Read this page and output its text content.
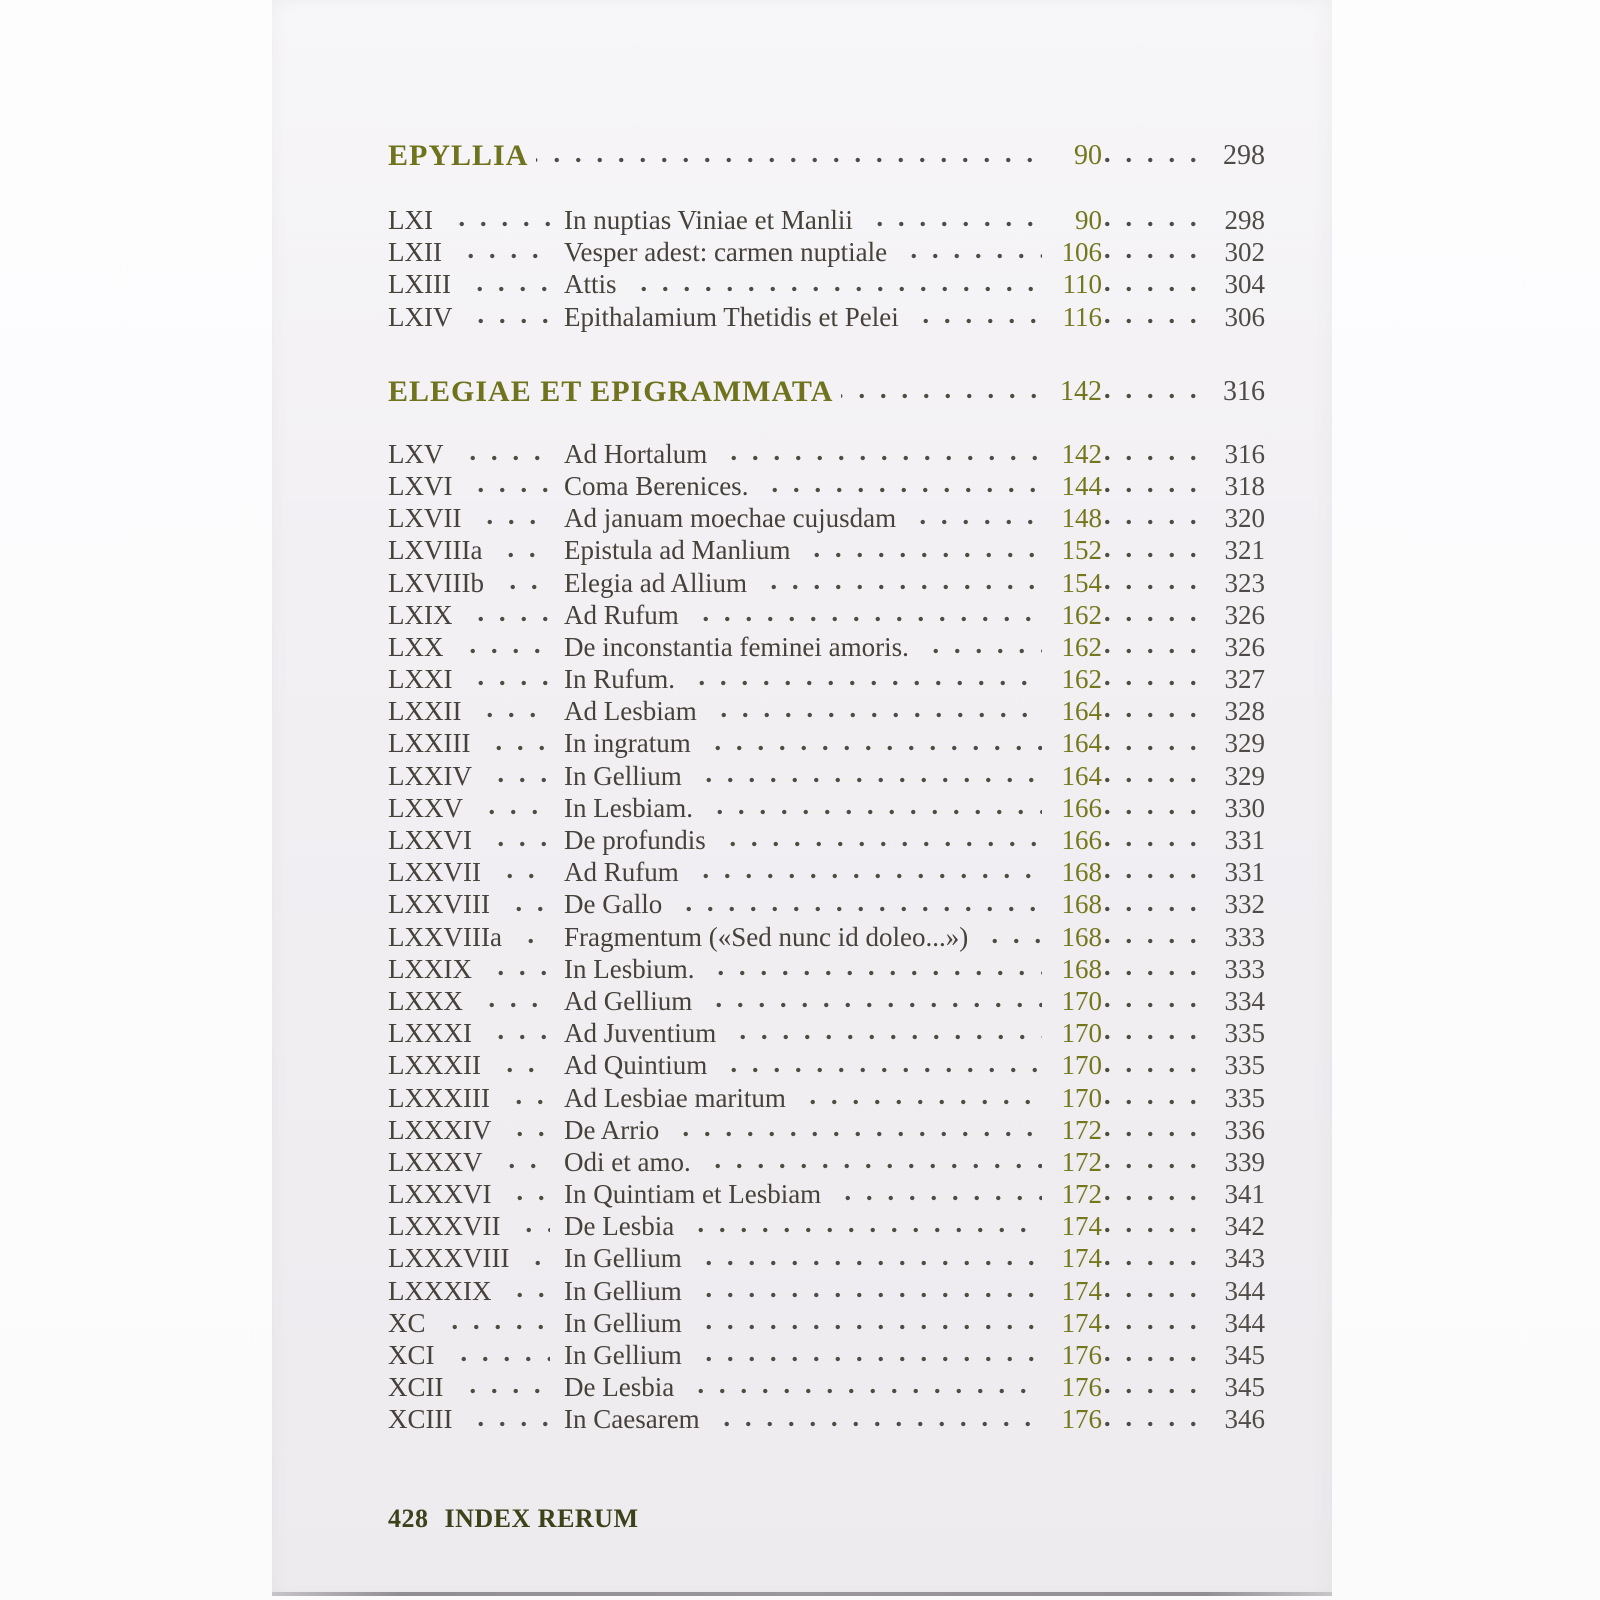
EPYLLIA	90	298
LXI	In nuptias Viniae et Manlii	90	298
LXII	Vesper adest: carmen nuptiale	106	302
LXIII	Attis	110	304
LXIV	Epithalamium Thetidis et Pelei	116	306
ELEGIAE ET EPIGRAMMATA	142	316
LXV	Ad Hortalum	142	316
LXVI	Coma Berenices.	144	318
LXVII	Ad januam moechae cujusdam	148	320
LXVIIIa	Epistula ad Manlium	152	321
LXVIIIb	Elegia ad Allium	154	323
LXIX	Ad Rufum	162	326
LXX	De inconstantia feminei amoris.	162	326
LXXI	In Rufum.	162	327
LXXII	Ad Lesbiam	164	328
LXXIII	In ingratum	164	329
LXXIV	In Gellium	164	329
LXXV	In Lesbiam.	166	330
LXXVI	De profundis	166	331
LXXVII	Ad Rufum	168	331
LXXVIII	De Gallo	168	332
LXXVIIIa Fragmentum («Sed nunc id doleo...»)	168	333
LXXIX	In Lesbium.	168	333
LXXX	Ad Gellium	170	334
LXXXI	Ad Juventium	170	335
LXXXII	Ad Quintium	170	335
LXXXIII	Ad Lesbiae maritum	170	335
LXXXIV	De Arrio	172	336
LXXXV	Odi et amo.	172	339
LXXXVI	In Quintiam et Lesbiam	172	341
LXXXVII De Lesbia	174	342
LXXXVIII In Gellium	174	343
LXXXIX	In Gellium	174	344
XC	In Gellium	174	344
XCI	In Gellium	176	345
XCII	De Lesbia	176	345
XCIII	In Caesarem	176	346
428 INDEX RERUM
